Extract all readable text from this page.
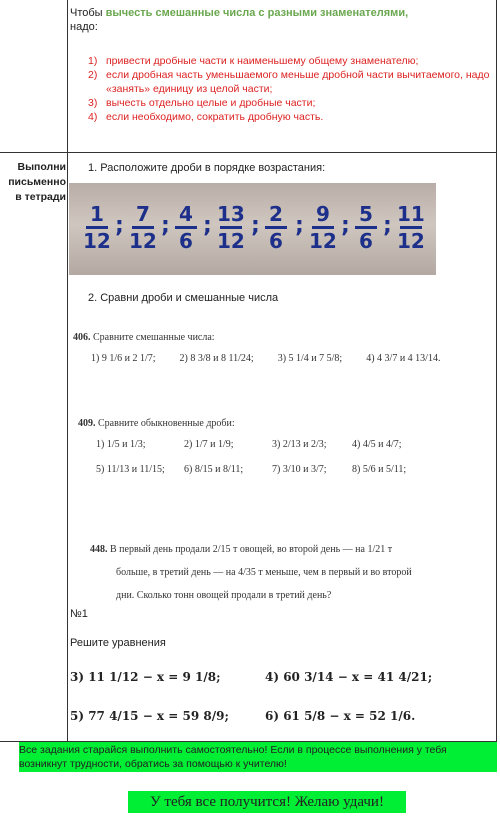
Чтобы вычесть смешанные числа с разными знаменателями,
надо:
1) привести дробные части к наименьшему общему знаменателю;
2) если дробная часть уменьшаемого меньше дробной части вычитаемого, надо «занять» единицу из целой части;
3) вычесть отдельно целые и дробные части;
4) если необходимо, сократить дробную часть.
Выполни
письменно
в тетради
1. Расположите дроби в порядке возрастания:
1
12
; 7
12
; 4
6
; 13
12
; 2
6
; 9
12
; 5
6
; 11
12
2. Сравни дроби и смешанные числа
406. Сравните смешанные числа:
1) 9 1/6 и 2 1/7; 2) 8 3/8 и 8 11/24; 3) 5 1/4 и 7 5/8; 4) 4 3/7 и 4 13/14.
409. Сравните обыкновенные дроби:
1) 1/5 и 1/3;	2) 1/7 и 1/9;	3) 2/13 и 2/3;	4) 4/5 и 4/7;
5) 11/13 и 11/15;	6) 8/15 и 8/11;	7) 3/10 и 3/7;	8) 5/6 и 5/11;
448. В первый день продали 2/15 т овощей, во второй день — на 1/21 т
больше, в третий день — на 4/35 т меньше, чем в первый и во второй
дни. Сколько тонн овощей продали в третий день?
№1
Решите уравнения
3) 11 1/12 − x = 9 1/8;	4) 60 3/14 − x = 41 4/21;
5) 77 4/15 − x = 59 8/9;	6) 61 5/8 − x = 52 1/6.
Все задания старайся выполнить самостоятельно! Если в процессе выполнения у тебя возникнут трудности, обратись за помощью к учителю!
У тебя все получится! Желаю удачи!
